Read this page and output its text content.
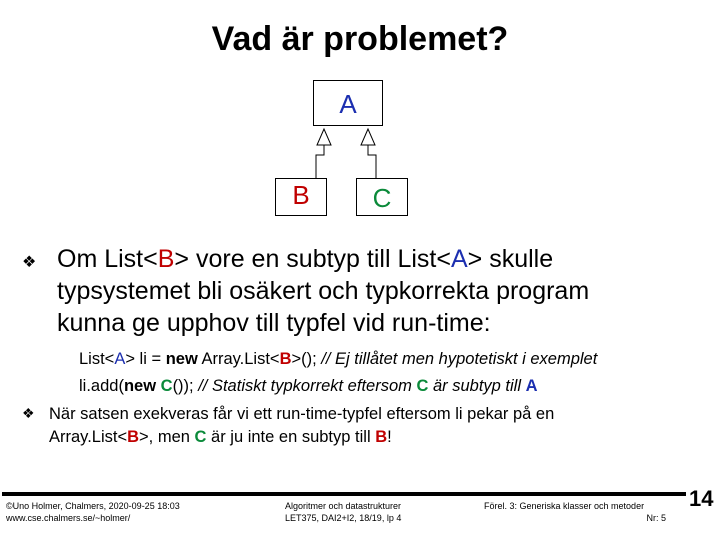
Vad är problemet?
A
B	C
❖ Om List<B> vore en subtyp till List<A> skulle
typsystemet bli osäkert och typkorrekta program
kunna ge upphov till typfel vid run-time:
List<A> li = new Array.List<B>(); // Ej tillåtet men hypotetiskt i exemplet
li.add(new C()); // Statiskt typkorrekt eftersom C är subtyp till A
❖ När satsen exekveras får vi ett run-time-typfel eftersom li pekar på en
Array.List<B>, men C är ju inte en subtyp till B!
©Uno Holmer, Chalmers, 2020-09-25 18:03
www.cse.chalmers.se/~holmer/
Algoritmer och datastrukturer
LET375, DAI2+I2, 18/19, lp 4
Förel. 3: Generiska klasser och metoder
Nr: 5
14
